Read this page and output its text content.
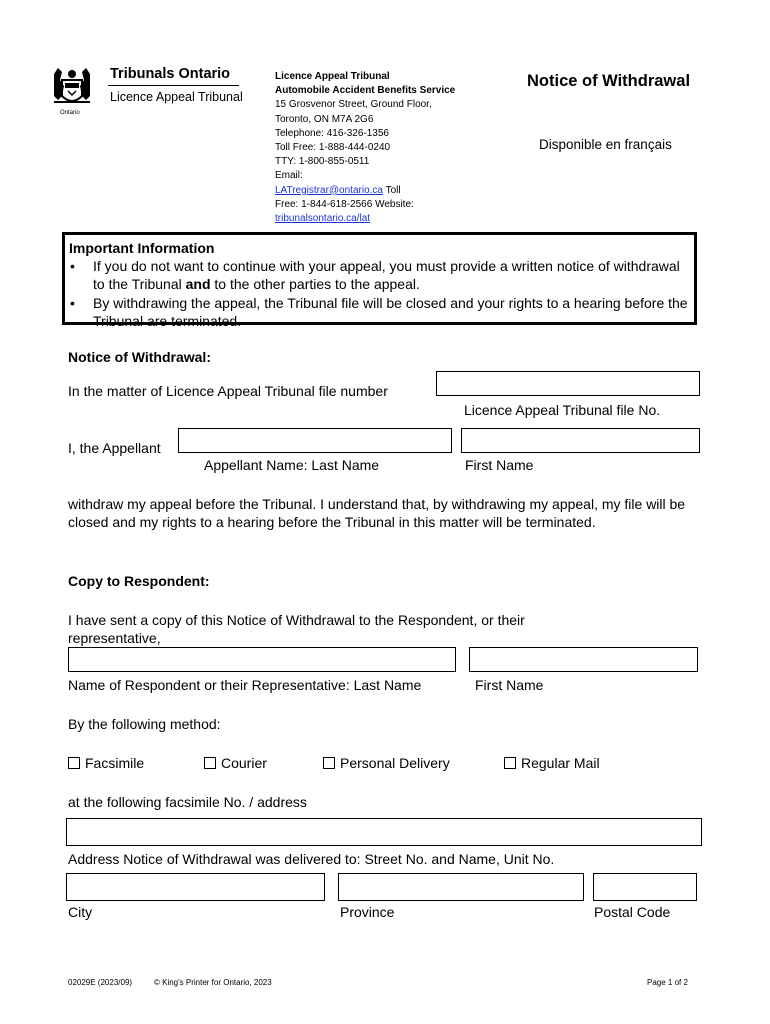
Tribunals Ontario
Licence Appeal Tribunal
Ontario
Licence Appeal Tribunal
Automobile Accident Benefits Service
15 Grosvenor Street, Ground Floor,
Toronto, ON M7A 2G6
Telephone: 416-326-1356
Toll Free: 1-888-444-0240
TTY: 1-800-855-0511
Email:
LATregistrar@ontario.ca Toll
Free: 1-844-618-2566 Website:
tribunalsontario.ca/lat
Notice of Withdrawal
Disponible en français
Important Information
• If you do not want to continue with your appeal, you must provide a written notice of withdrawal to the Tribunal and to the other parties to the appeal.
• By withdrawing the appeal, the Tribunal file will be closed and your rights to a hearing before the Tribunal are terminated.
Notice of Withdrawal:
In the matter of Licence Appeal Tribunal file number
Licence Appeal Tribunal file No.
I, the Appellant
Appellant Name: Last Name	First Name
withdraw my appeal before the Tribunal. I understand that, by withdrawing my appeal, my file will be closed and my rights to a hearing before the Tribunal in this matter will be terminated.
Copy to Respondent:
I have sent a copy of this Notice of Withdrawal to the Respondent, or their representative,
Name of Respondent or their Representative: Last Name	First Name
By the following method:
Facsimile	Courier	Personal Delivery	Regular Mail
at the following facsimile No. / address
Address Notice of Withdrawal was delivered to: Street No. and Name, Unit No.
City	Province	Postal Code
02029E (2023/09)	© King's Printer for Ontario, 2023	Page 1 of 2
